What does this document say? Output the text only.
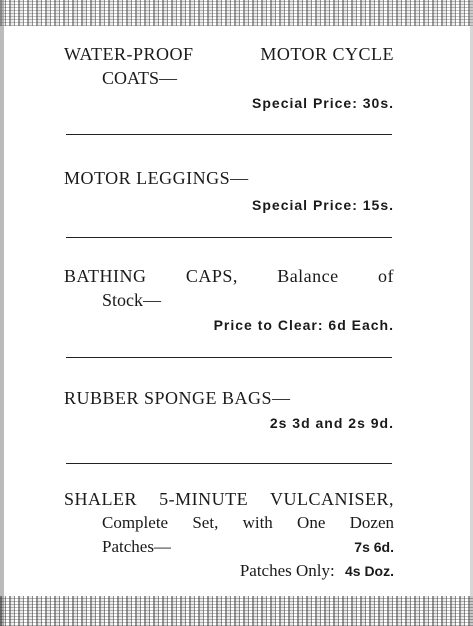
WATER-PROOF	MOTOR CYCLE
COATS—
Special Price: 30s.
MOTOR LEGGINGS—
Special Price: 15s.
BATHING CAPS, Balance of
Stock—
Price to Clear: 6d Each.
RUBBER SPONGE BAGS—
2s 3d and 2s 9d.
SHALER 5-MINUTE VULCANISER,
Complete Set, with One Dozen
Patches—	7s 6d.
Patches Only: 4s Doz.
